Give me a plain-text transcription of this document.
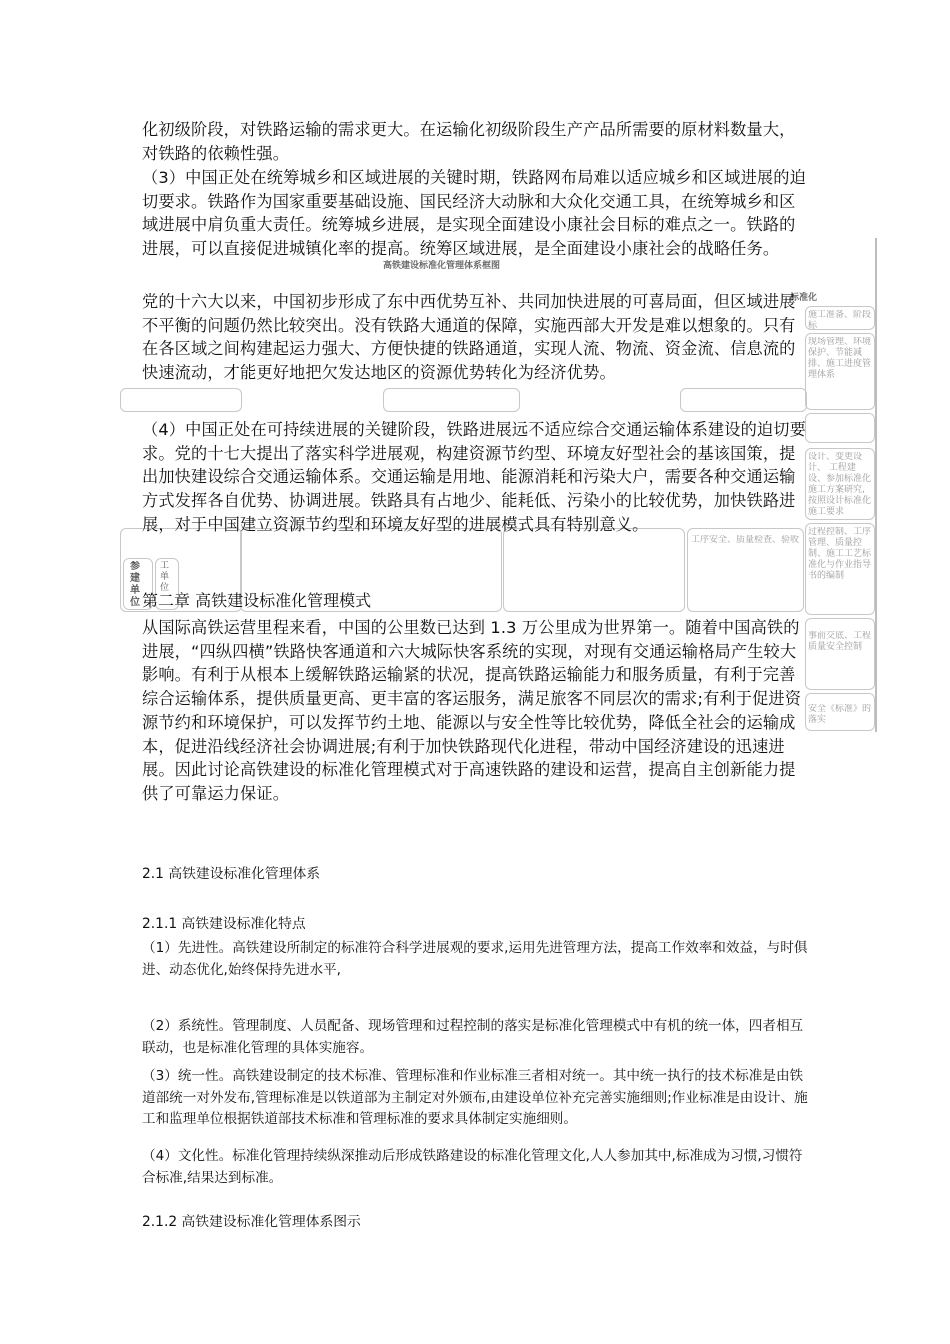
高铁建设标准化管理体系框图
标准化
施工准备、阶段标
现场管理、环境保护、节能减排、施工进度管理体系
设计、变更设计、 工程建设、参加标准化施工方案研究,按照设计标准化施工要求
过程控制、工序管理、质量控制、施工工艺标准化与作业指导书的编制
工序安全、质量检查、验收
参建单位
工单位
事前交底、工程质量安全控制
安全《标准》的落实

化初级阶段，对铁路运输的需求更大。在运输化初级阶段生产产品所需要的原材料数量大，对铁路的依赖性强。

（3）中国正处在统筹城乡和区域进展的关键时期，铁路网布局难以适应城乡和区域进展的迫切要求。铁路作为国家重要基础设施、国民经济大动脉和大众化交通工具，在统筹城乡和区域进展中肩负重大责任。统筹城乡进展，是实现全面建设小康社会目标的难点之一。铁路的进展，可以直接促进城镇化率的提高。统筹区域进展，是全面建设小康社会的战略任务。

党的十六大以来，中国初步形成了东中西优势互补、共同加快进展的可喜局面，但区域进展不平衡的问题仍然比较突出。没有铁路大通道的保障，实施西部大开发是难以想象的。只有在各区域之间构建起运力强大、方便快捷的铁路通道，实现人流、物流、资金流、信息流的快速流动，才能更好地把欠发达地区的资源优势转化为经济优势。

（4）中国正处在可持续进展的关键阶段，铁路进展远不适应综合交通运输体系建设的迫切要求。党的十七大提出了落实科学进展观，构建资源节约型、环境友好型社会的基该国策，提出加快建设综合交通运输体系。交通运输是用地、能源消耗和污染大户，需要各种交通运输方式发挥各自优势、协调进展。铁路具有占地少、能耗低、污染小的比较优势，加快铁路进展，对于中国建立资源节约型和环境友好型的进展模式具有特别意义。

第二章 高铁建设标准化管理模式

从国际高铁运营里程来看，中国的公里数已达到 1.3 万公里成为世界第一。随着中国高铁的进展，“四纵四横”铁路快客通道和六大城际快客系统的实现，对现有交通运输格局产生较大影响。有利于从根本上缓解铁路运输紧的状况，提高铁路运输能力和服务质量，有利于完善综合运输体系，提供质量更高、更丰富的客运服务，满足旅客不同层次的需求;有利于促进资源节约和环境保护，可以发挥节约土地、能源以与安全性等比较优势，降低全社会的运输成本，促进沿线经济社会协调进展;有利于加快铁路现代化进程，带动中国经济建设的迅速进展。因此讨论高铁建设的标准化管理模式对于高速铁路的建设和运营，提高自主创新能力提供了可靠运力保证。

2.1 高铁建设标准化管理体系

2.1.1 高铁建设标准化特点

（1）先进性。高铁建设所制定的标准符合科学进展观的要求,运用先进管理方法，提高工作效率和效益，与时俱进、动态优化,始终保持先进水平,

（2）系统性。管理制度、人员配备、现场管理和过程控制的落实是标准化管理模式中有机的统一体，四者相互联动，也是标准化管理的具体实施容。

（3）统一性。高铁建设制定的技术标准、管理标准和作业标准三者相对统一。其中统一执行的技术标准是由铁道部统一对外发布,管理标准是以铁道部为主制定对外颁布,由建设单位补充完善实施细则;作业标准是由设计、施工和监理单位根据铁道部技术标准和管理标准的要求具体制定实施细则。

（4）文化性。标准化管理持续纵深推动后形成铁路建设的标准化管理文化,人人参加其中,标准成为习惯,习惯符合标准,结果达到标准。

2.1.2 高铁建设标准化管理体系图示
